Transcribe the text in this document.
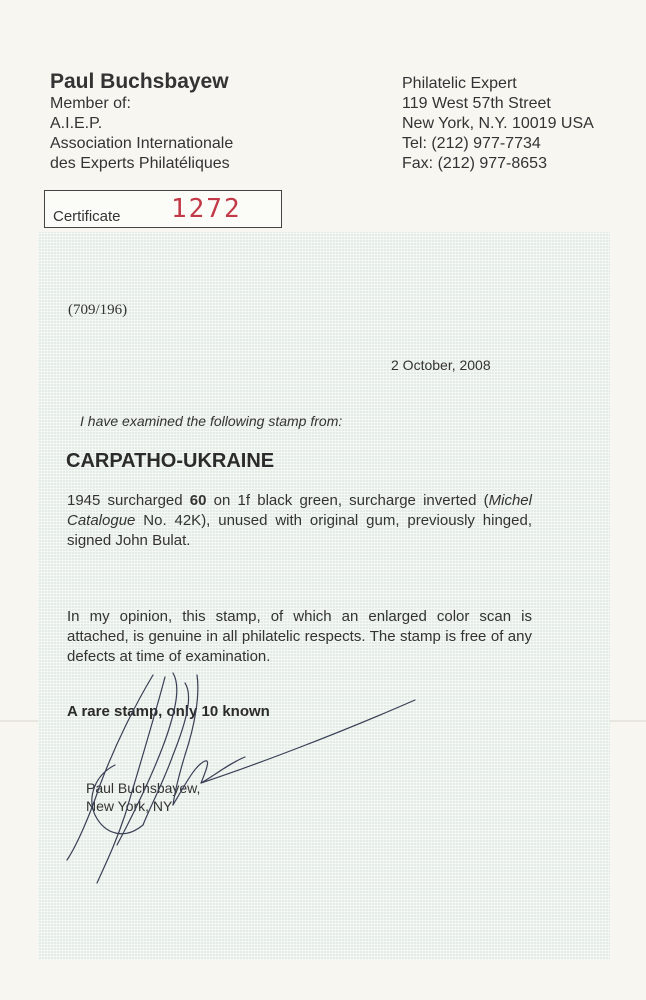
Paul Buchsbayew
Member of:
A.I.E.P.
Association Internationale
des Experts Philatéliques
Philatelic Expert
119 West 57th Street
New York, N.Y. 10019 USA
Tel: (212) 977-7734
Fax: (212) 977-8653
Certificate 1272
(709/196)
2 October, 2008
I have examined the following stamp from:
CARPATHO-UKRAINE
1945 surcharged 60 on 1f black green, surcharge inverted (Michel Catalogue No. 42K), unused with original gum, previously hinged, signed John Bulat.
In my opinion, this stamp, of which an enlarged color scan is attached, is genuine in all philatelic respects. The stamp is free of any defects at time of examination.
A rare stamp, only 10 known
Paul Buchsbayew,
New York, NY
